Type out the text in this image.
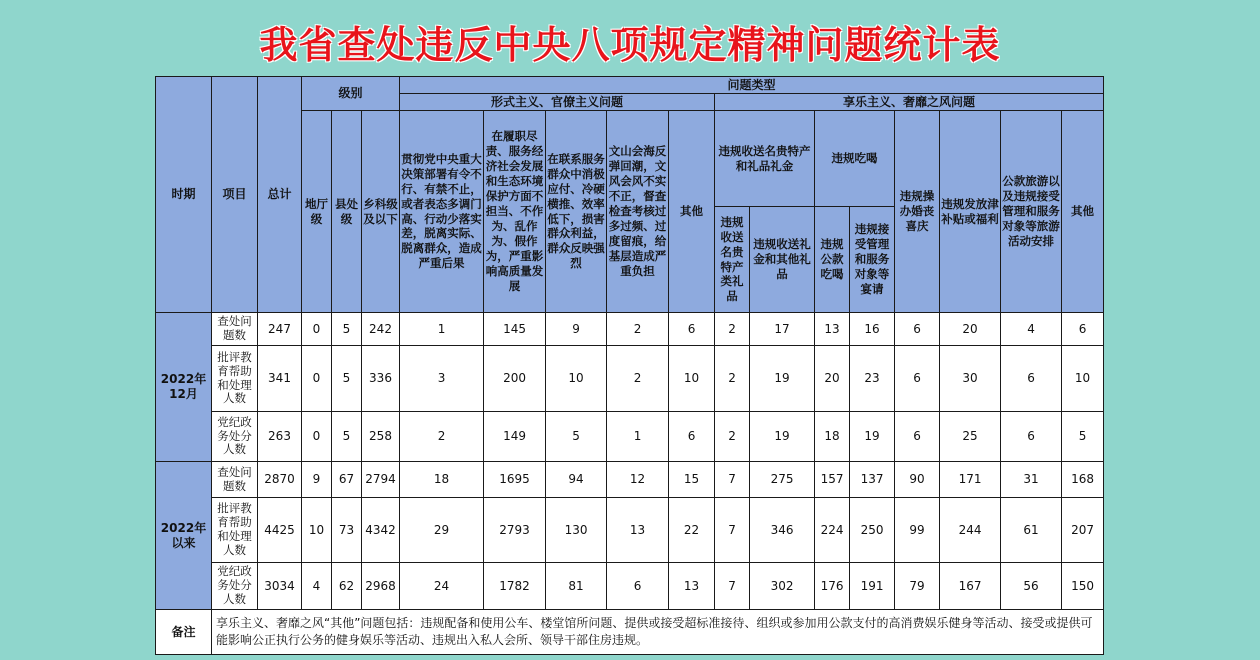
我省查处违反中央八项规定精神问题统计表
时期	项目	总计	级别			问题类型												
						形式主义、官僚主义问题					享乐主义、奢靡之风问题							
			地厅级	县处级	乡科级及以下	贯彻党中央重大决策部署有令不行、有禁不止，或者表态多调门高、行动少落实差，脱离实际、脱离群众，造成严重后果	在履职尽责、服务经济社会发展和生态环境保护方面不担当、不作为、乱作为、假作为，严重影响高质量发展	在联系服务群众中消极应付、冷硬横推、效率低下，损害群众利益，群众反映强烈	文山会海反弹回潮，文风会风不实不正，督查检查考核过多过频、过度留痕，给基层造成严重负担	其他	违规收送名贵特产和礼品礼金		违规吃喝		违规操办婚丧喜庆	违规发放津补贴或福利	公款旅游以及违规接受管理和服务对象等旅游活动安排	其他
											违规收送名贵特产类礼品	违规收送礼金和其他礼品	违规公款吃喝	违规接受管理和服务对象等宴请				
2022年12月	查处问题数	247	0	5	242	1	145	9	2	6	2	17	13	16	6	20	4	6
	批评教育帮助和处理人数	341	0	5	336	3	200	10	2	10	2	19	20	23	6	30	6	10
	党纪政务处分人数	263	0	5	258	2	149	5	1	6	2	19	18	19	6	25	6	5
2022年以来	查处问题数	2870	9	67	2794	18	1695	94	12	15	7	275	157	137	90	171	31	168
	批评教育帮助和处理人数	4425	10	73	4342	29	2793	130	13	22	7	346	224	250	99	244	61	207
	党纪政务处分人数	3034	4	62	2968	24	1782	81	6	13	7	302	176	191	79	167	56	150
备注	享乐主义、奢靡之风“其他”问题包括：违规配备和使用公车、楼堂馆所问题、提供或接受超标准接待、组织或参加用公款支付的高消费娱乐健身等活动、接受或提供可能影响公正执行公务的健身娱乐等活动、违规出入私人会所、领导干部住房违规。																	
